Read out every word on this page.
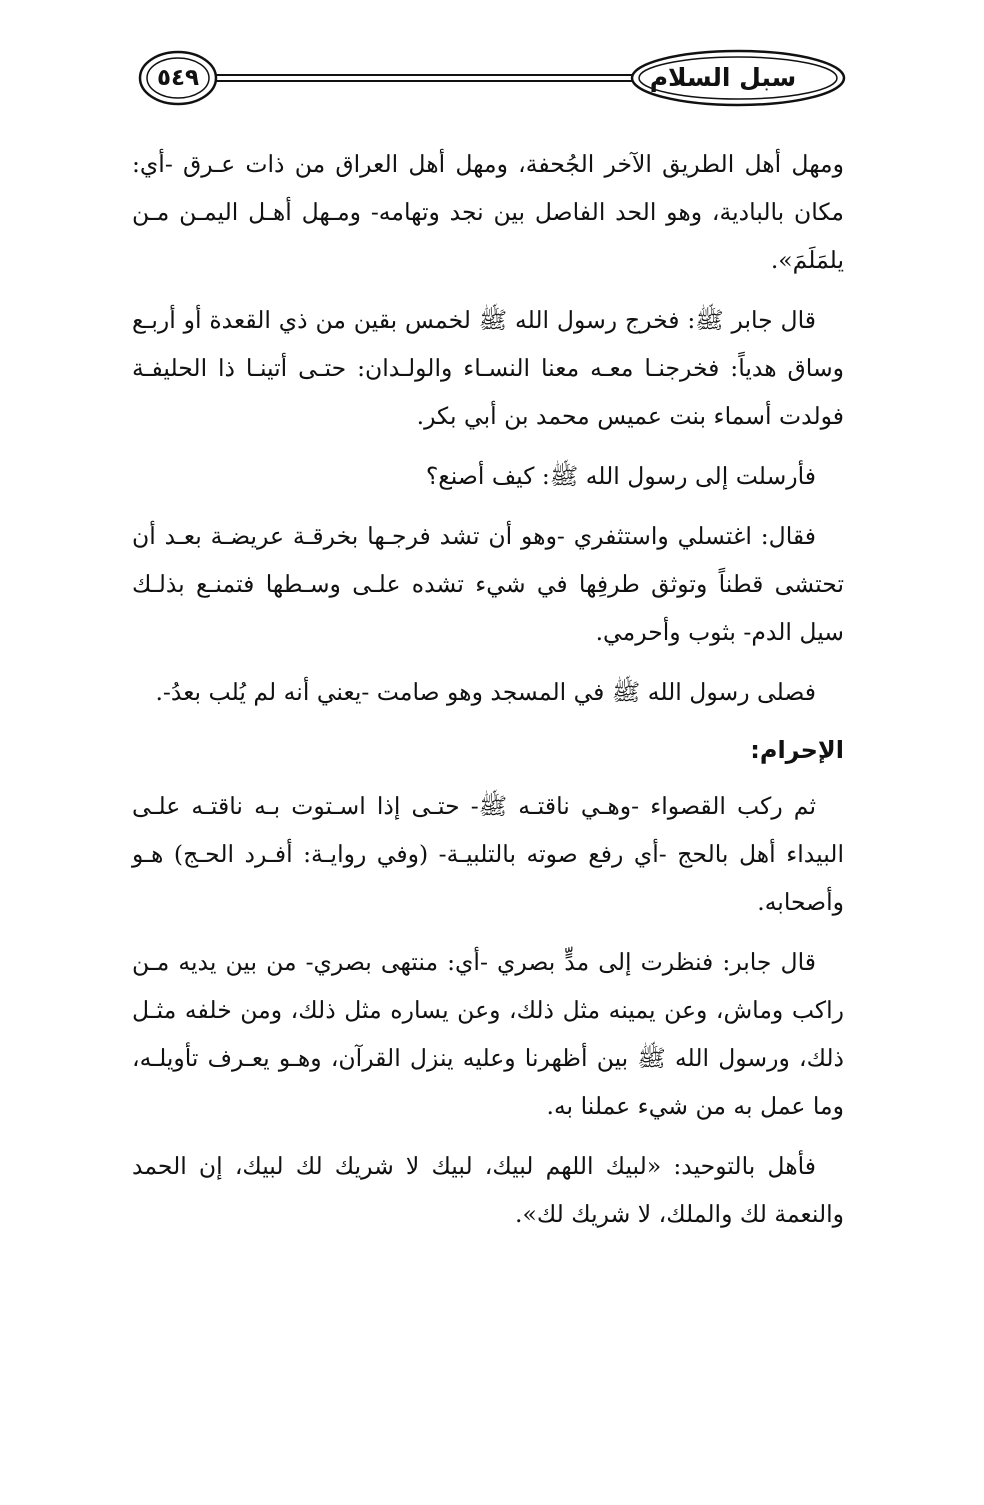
سبل السلام
٥٤٩

ومهل أهل الطريق الآخر الجُحفة، ومهل أهل العراق من ذات عـرق -أي: مكان بالبادية، وهو الحد الفاصل بين نجد وتهامه- ومـهل أهـل اليمـن مـن يلمَلَمَ».

قال جابر ﷺ: فخرج رسول الله ﷺ لخمس بقين من ذي القعدة أو أربـع وساق هدياً: فخرجنـا معـه معنا النسـاء والولـدان: حتـى أتينـا ذا الحليفـة فولدت أسماء بنت عميس محمد بن أبي بكر.

فأرسلت إلى رسول الله ﷺ: كيف أصنع؟

فقال: اغتسلي واستثفري -وهو أن تشد فرجـها بخرقـة عريضـة بعـد أن تحتشى قطناً وتوثق طرفِها في شيء تشده علـى وسـطها فتمنـع بذلـك سيل الدم- بثوب وأحرمي.

فصلى رسول الله ﷺ في المسجد وهو صامت -يعني أنه لم يُلب بعدُ-.

الإحرام:

ثم ركب القصواء -وهـي ناقتـه ﷺ- حتـى إذا اسـتوت بـه ناقتـه علـى البيداء أهل بالحج -أي رفع صوته بالتلبيـة- (وفي روايـة: أفـرد الحـج) هـو وأصحابه.

قال جابر: فنظرت إلى مدٍّ بصري -أي: منتهى بصري- من بين يديه مـن راكب وماش، وعن يمينه مثل ذلك، وعن يساره مثل ذلك، ومن خلفه مثـل ذلك، ورسول الله ﷺ بين أظهرنا وعليه ينزل القرآن، وهـو يعـرف تأويلـه، وما عمل به من شيء عملنا به.

فأهل بالتوحيد: «لبيك اللهم لبيك، لبيك لا شريك لك لبيك، إن الحمد والنعمة لك والملك، لا شريك لك».
